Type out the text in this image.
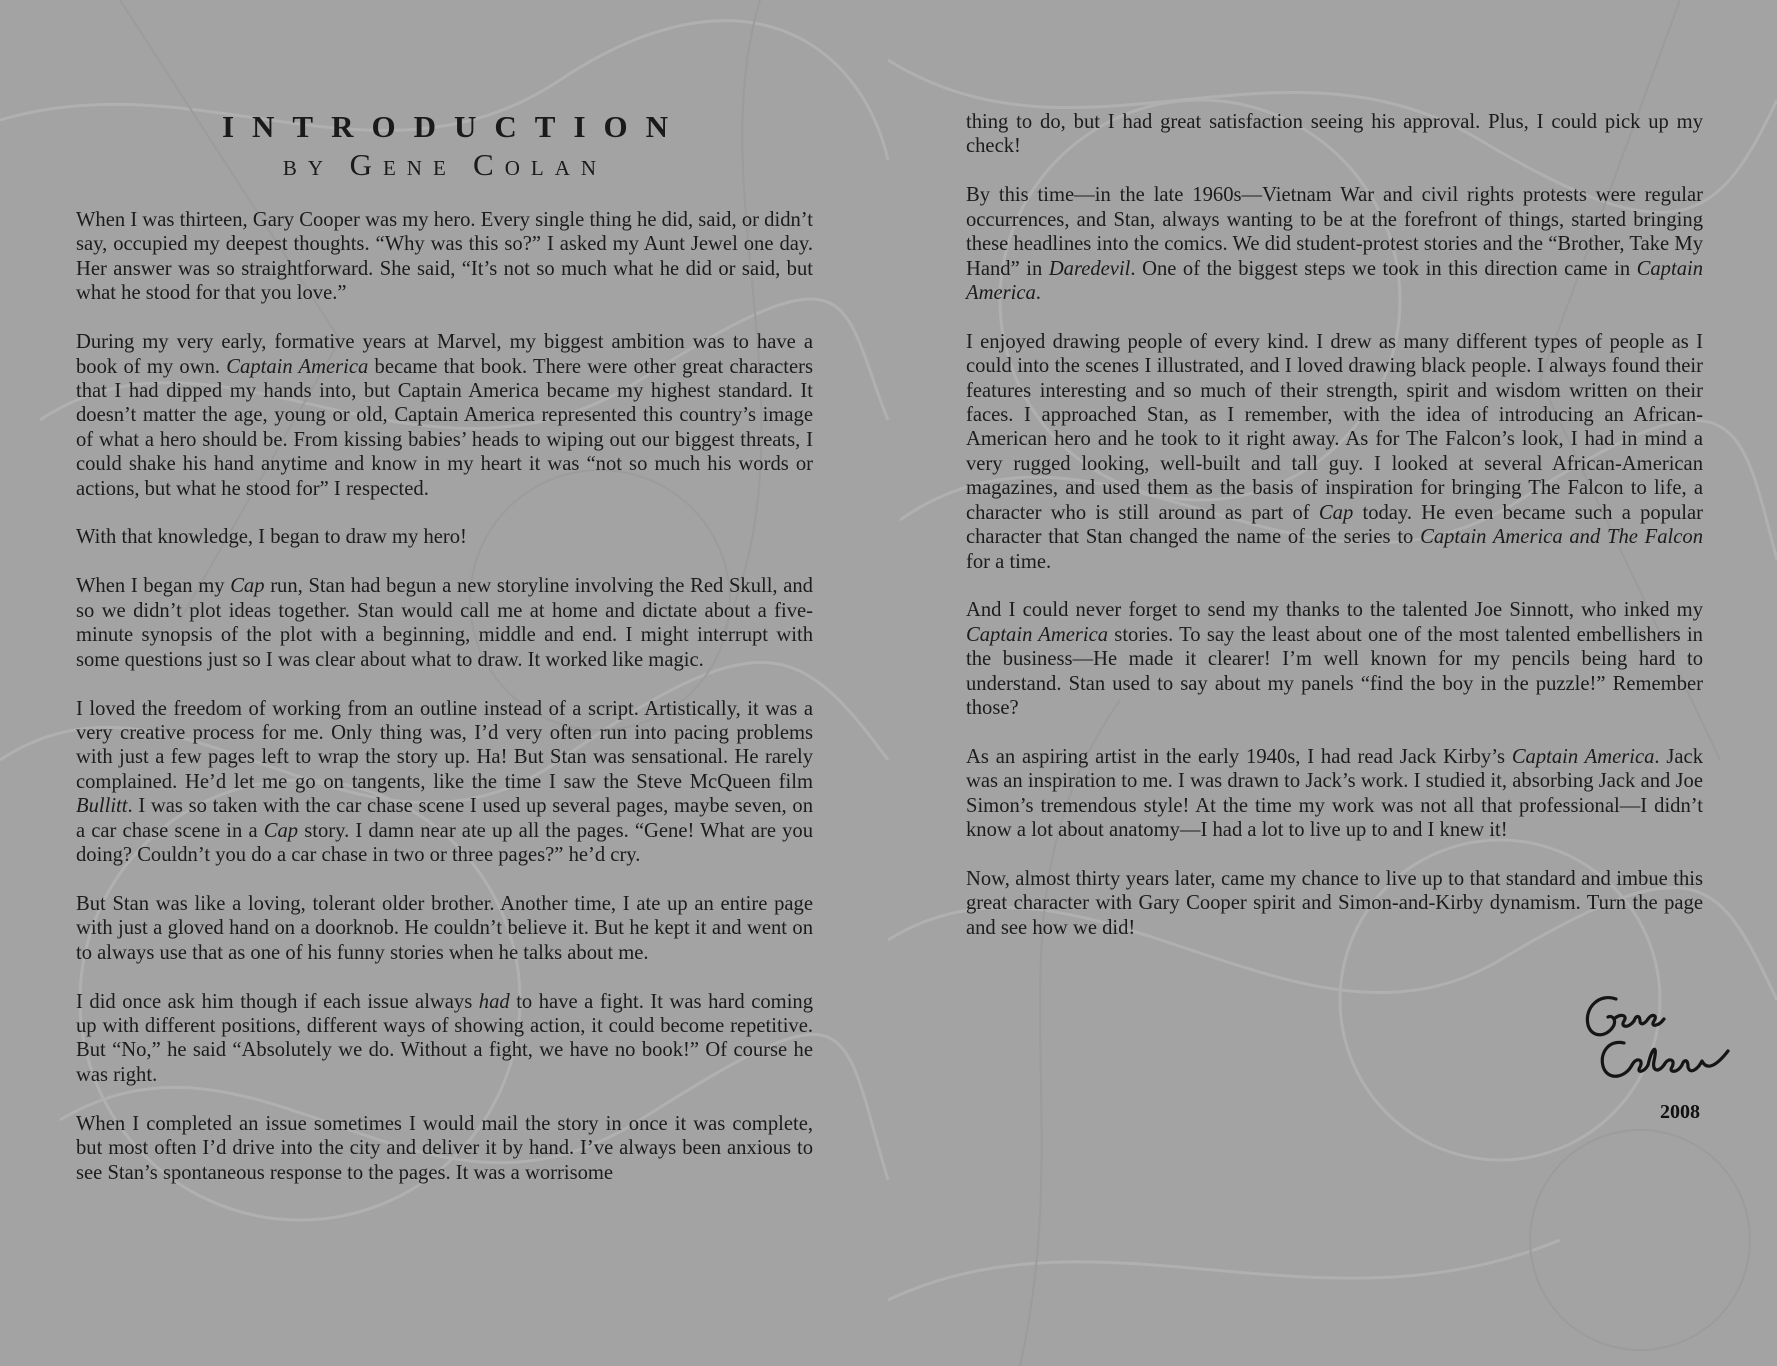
INTRODUCTION
BY GENE COLAN

When I was thirteen, Gary Cooper was my hero. Every single thing he did, said, or didn’t say, occupied my deepest thoughts. “Why was this so?” I asked my Aunt Jewel one day. Her answer was so straightforward. She said, “It’s not so much what he did or said, but what he stood for that you love.”

During my very early, formative years at Marvel, my biggest ambition was to have a book of my own. Captain America became that book. There were other great characters that I had dipped my hands into, but Captain America became my highest standard. It doesn’t matter the age, young or old, Captain America represented this country’s image of what a hero should be. From kissing babies’ heads to wiping out our biggest threats, I could shake his hand anytime and know in my heart it was “not so much his words or actions, but what he stood for” I respected.

With that knowledge, I began to draw my hero!

When I began my Cap run, Stan had begun a new storyline involving the Red Skull, and so we didn’t plot ideas together. Stan would call me at home and dictate about a five-minute synopsis of the plot with a beginning, middle and end. I might interrupt with some questions just so I was clear about what to draw. It worked like magic.

I loved the freedom of working from an outline instead of a script. Artistically, it was a very creative process for me. Only thing was, I’d very often run into pacing problems with just a few pages left to wrap the story up. Ha! But Stan was sensational. He rarely complained. He’d let me go on tangents, like the time I saw the Steve McQueen film Bullitt. I was so taken with the car chase scene I used up several pages, maybe seven, on a car chase scene in a Cap story. I damn near ate up all the pages. “Gene! What are you doing? Couldn’t you do a car chase in two or three pages?” he’d cry.

But Stan was like a loving, tolerant older brother. Another time, I ate up an entire page with just a gloved hand on a doorknob. He couldn’t believe it. But he kept it and went on to always use that as one of his funny stories when he talks about me.

I did once ask him though if each issue always had to have a fight. It was hard coming up with different positions, different ways of showing action, it could become repetitive. But “No,” he said “Absolutely we do. Without a fight, we have no book!” Of course he was right.

When I completed an issue sometimes I would mail the story in once it was complete, but most often I’d drive into the city and deliver it by hand. I’ve always been anxious to see Stan’s spontaneous response to the pages. It was a worrisome

thing to do, but I had great satisfaction seeing his approval. Plus, I could pick up my check!

By this time—in the late 1960s—Vietnam War and civil rights protests were regular occurrences, and Stan, always wanting to be at the forefront of things, started bringing these headlines into the comics. We did student-protest stories and the “Brother, Take My Hand” in Daredevil. One of the biggest steps we took in this direction came in Captain America.

I enjoyed drawing people of every kind. I drew as many different types of people as I could into the scenes I illustrated, and I loved drawing black people. I always found their features interesting and so much of their strength, spirit and wisdom written on their faces. I approached Stan, as I remember, with the idea of introducing an African-American hero and he took to it right away. As for The Falcon’s look, I had in mind a very rugged looking, well-built and tall guy. I looked at several African-American magazines, and used them as the basis of inspiration for bringing The Falcon to life, a character who is still around as part of Cap today. He even became such a popular character that Stan changed the name of the series to Captain America and The Falcon for a time.

And I could never forget to send my thanks to the talented Joe Sinnott, who inked my Captain America stories. To say the least about one of the most talented embellishers in the business—He made it clearer! I’m well known for my pencils being hard to understand. Stan used to say about my panels “find the boy in the puzzle!” Remember those?

As an aspiring artist in the early 1940s, I had read Jack Kirby’s Captain America. Jack was an inspiration to me. I was drawn to Jack’s work. I studied it, absorbing Jack and Joe Simon’s tremendous style! At the time my work was not all that professional—I didn’t know a lot about anatomy—I had a lot to live up to and I knew it!

Now, almost thirty years later, came my chance to live up to that standard and imbue this great character with Gary Cooper spirit and Simon-and-Kirby dynamism. Turn the page and see how we did!

2008
